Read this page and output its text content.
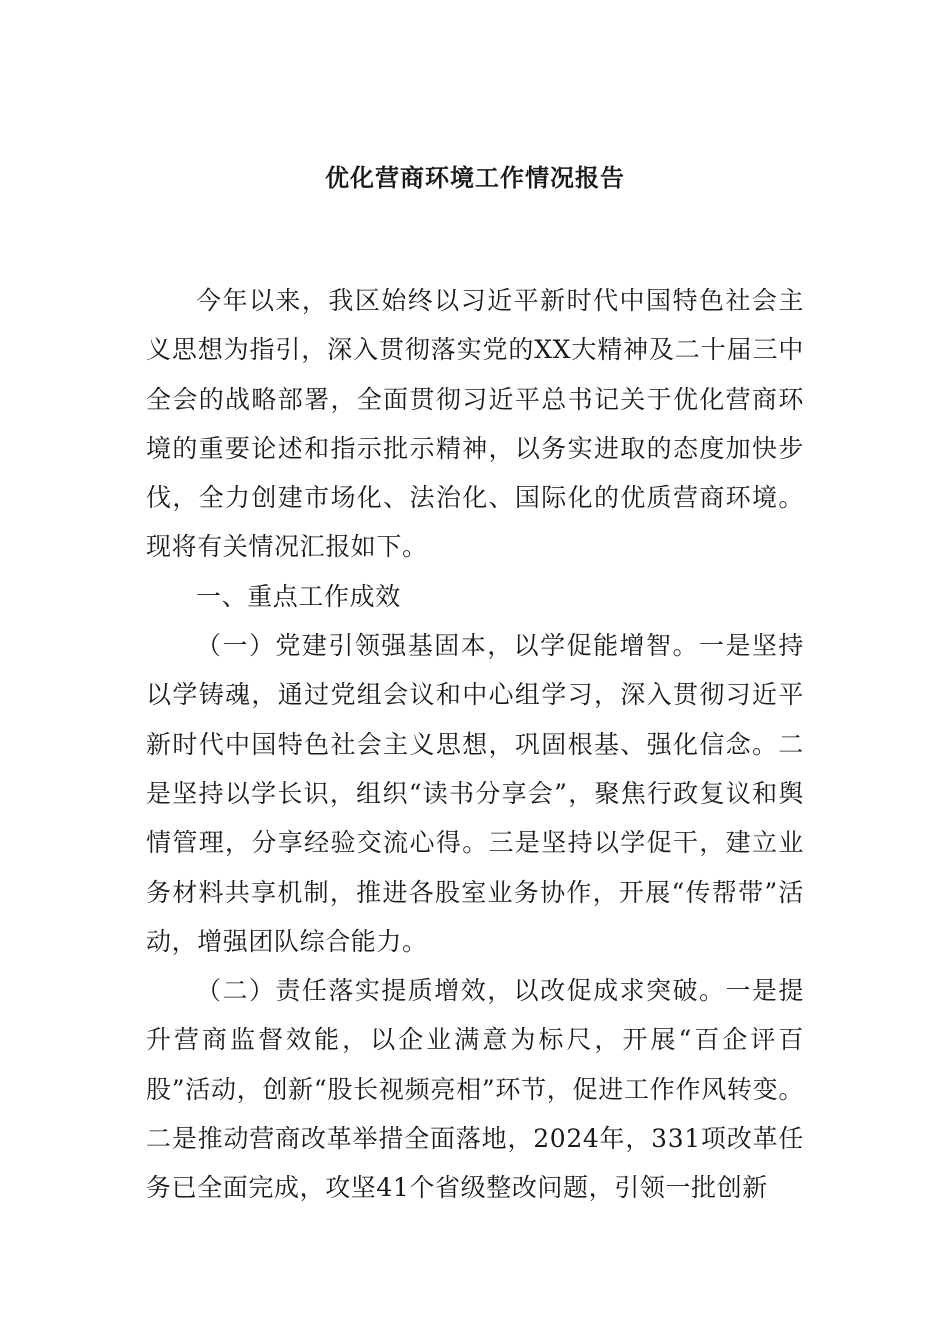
优化营商环境工作情况报告

今年以来，我区始终以习近平新时代中国特色社会主义思想为指引，深入贯彻落实党的XX大精神及二十届三中全会的战略部署，全面贯彻习近平总书记关于优化营商环境的重要论述和指示批示精神，以务实进取的态度加快步伐，全力创建市场化、法治化、国际化的优质营商环境。现将有关情况汇报如下。

一、重点工作成效

（一）党建引领强基固本，以学促能增智。一是坚持以学铸魂，通过党组会议和中心组学习，深入贯彻习近平新时代中国特色社会主义思想，巩固根基、强化信念。二是坚持以学长识，组织“读书分享会”，聚焦行政复议和舆情管理，分享经验交流心得。三是坚持以学促干，建立业务材料共享机制，推进各股室业务协作，开展“传帮带”活动，增强团队综合能力。

（二）责任落实提质增效，以改促成求突破。一是提升营商监督效能，以企业满意为标尺，开展“百企评百股”活动，创新“股长视频亮相”环节，促进工作作风转变。二是推动营商改革举措全面落地，2024年，331项改革任务已全面完成，攻坚41个省级整改问题，引领一批创新
